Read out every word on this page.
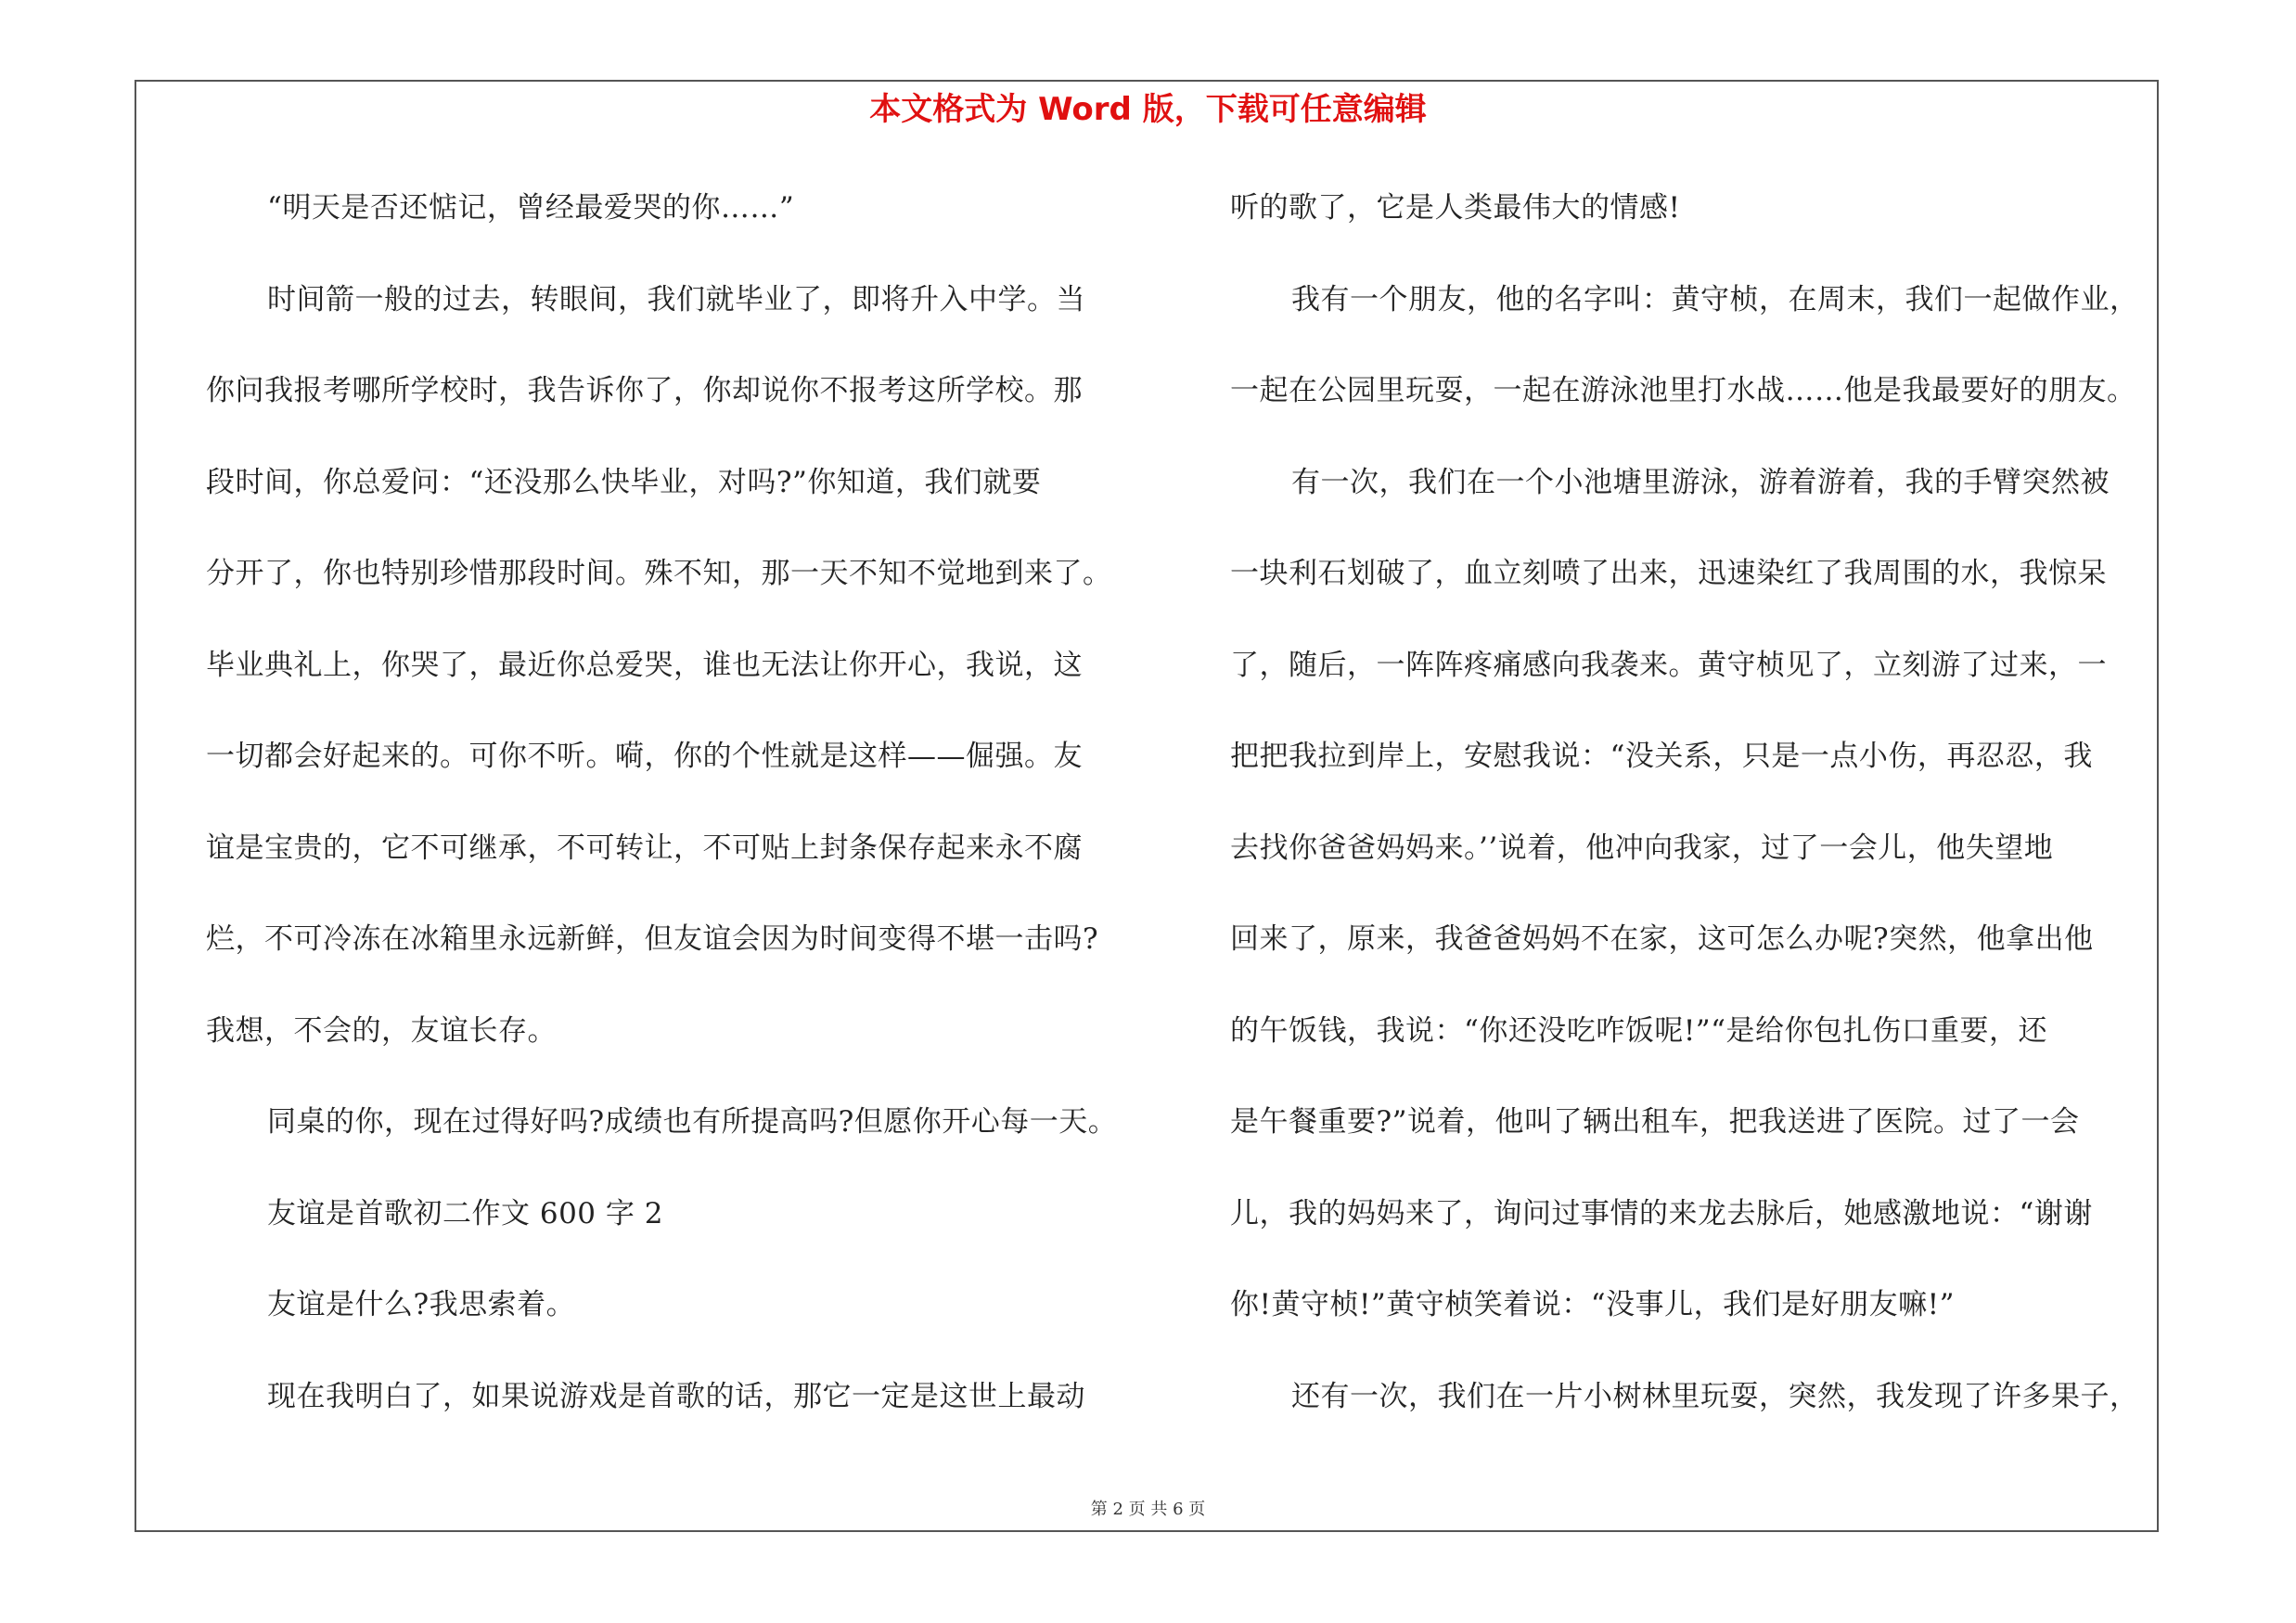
本文格式为 Word 版，下载可任意编辑
“明天是否还惦记，曾经最爱哭的你……”
时间箭一般的过去，转眼间，我们就毕业了，即将升入中学。当
你问我报考哪所学校时，我告诉你了，你却说你不报考这所学校。那
段时间，你总爱问：“还没那么快毕业，对吗?”你知道，我们就要
分开了，你也特别珍惜那段时间。殊不知，那一天不知不觉地到来了。
毕业典礼上，你哭了，最近你总爱哭，谁也无法让你开心，我说，这
一切都会好起来的。可你不听。嗬，你的个性就是这样——倔强。友
谊是宝贵的，它不可继承，不可转让，不可贴上封条保存起来永不腐
烂，不可冷冻在冰箱里永远新鲜，但友谊会因为时间变得不堪一击吗?
我想，不会的，友谊长存。
同桌的你，现在过得好吗?成绩也有所提高吗?但愿你开心每一天。
友谊是首歌初二作文 600 字 2
友谊是什么?我思索着。
现在我明白了，如果说游戏是首歌的话，那它一定是这世上最动
听的歌了，它是人类最伟大的情感!
我有一个朋友，他的名字叫：黄守桢，在周末，我们一起做作业，
一起在公园里玩耍，一起在游泳池里打水战……他是我最要好的朋友。
有一次，我们在一个小池塘里游泳，游着游着，我的手臂突然被
一块利石划破了，血立刻喷了出来，迅速染红了我周围的水，我惊呆
了，随后，一阵阵疼痛感向我袭来。黄守桢见了，立刻游了过来，一
把把我拉到岸上，安慰我说：“没关系，只是一点小伤，再忍忍，我
去找你爸爸妈妈来。’’说着，他冲向我家，过了一会儿，他失望地
回来了，原来，我爸爸妈妈不在家，这可怎么办呢?突然，他拿出他
的午饭钱，我说：“你还没吃咋饭呢!”“是给你包扎伤口重要，还
是午餐重要?”说着，他叫了辆出租车，把我送进了医院。过了一会
儿，我的妈妈来了，询问过事情的来龙去脉后，她感激地说：“谢谢
你!黄守桢!”黄守桢笑着说：“没事儿，我们是好朋友嘛!”
还有一次，我们在一片小树林里玩耍，突然，我发现了许多果子，
第 2 页 共 6 页
